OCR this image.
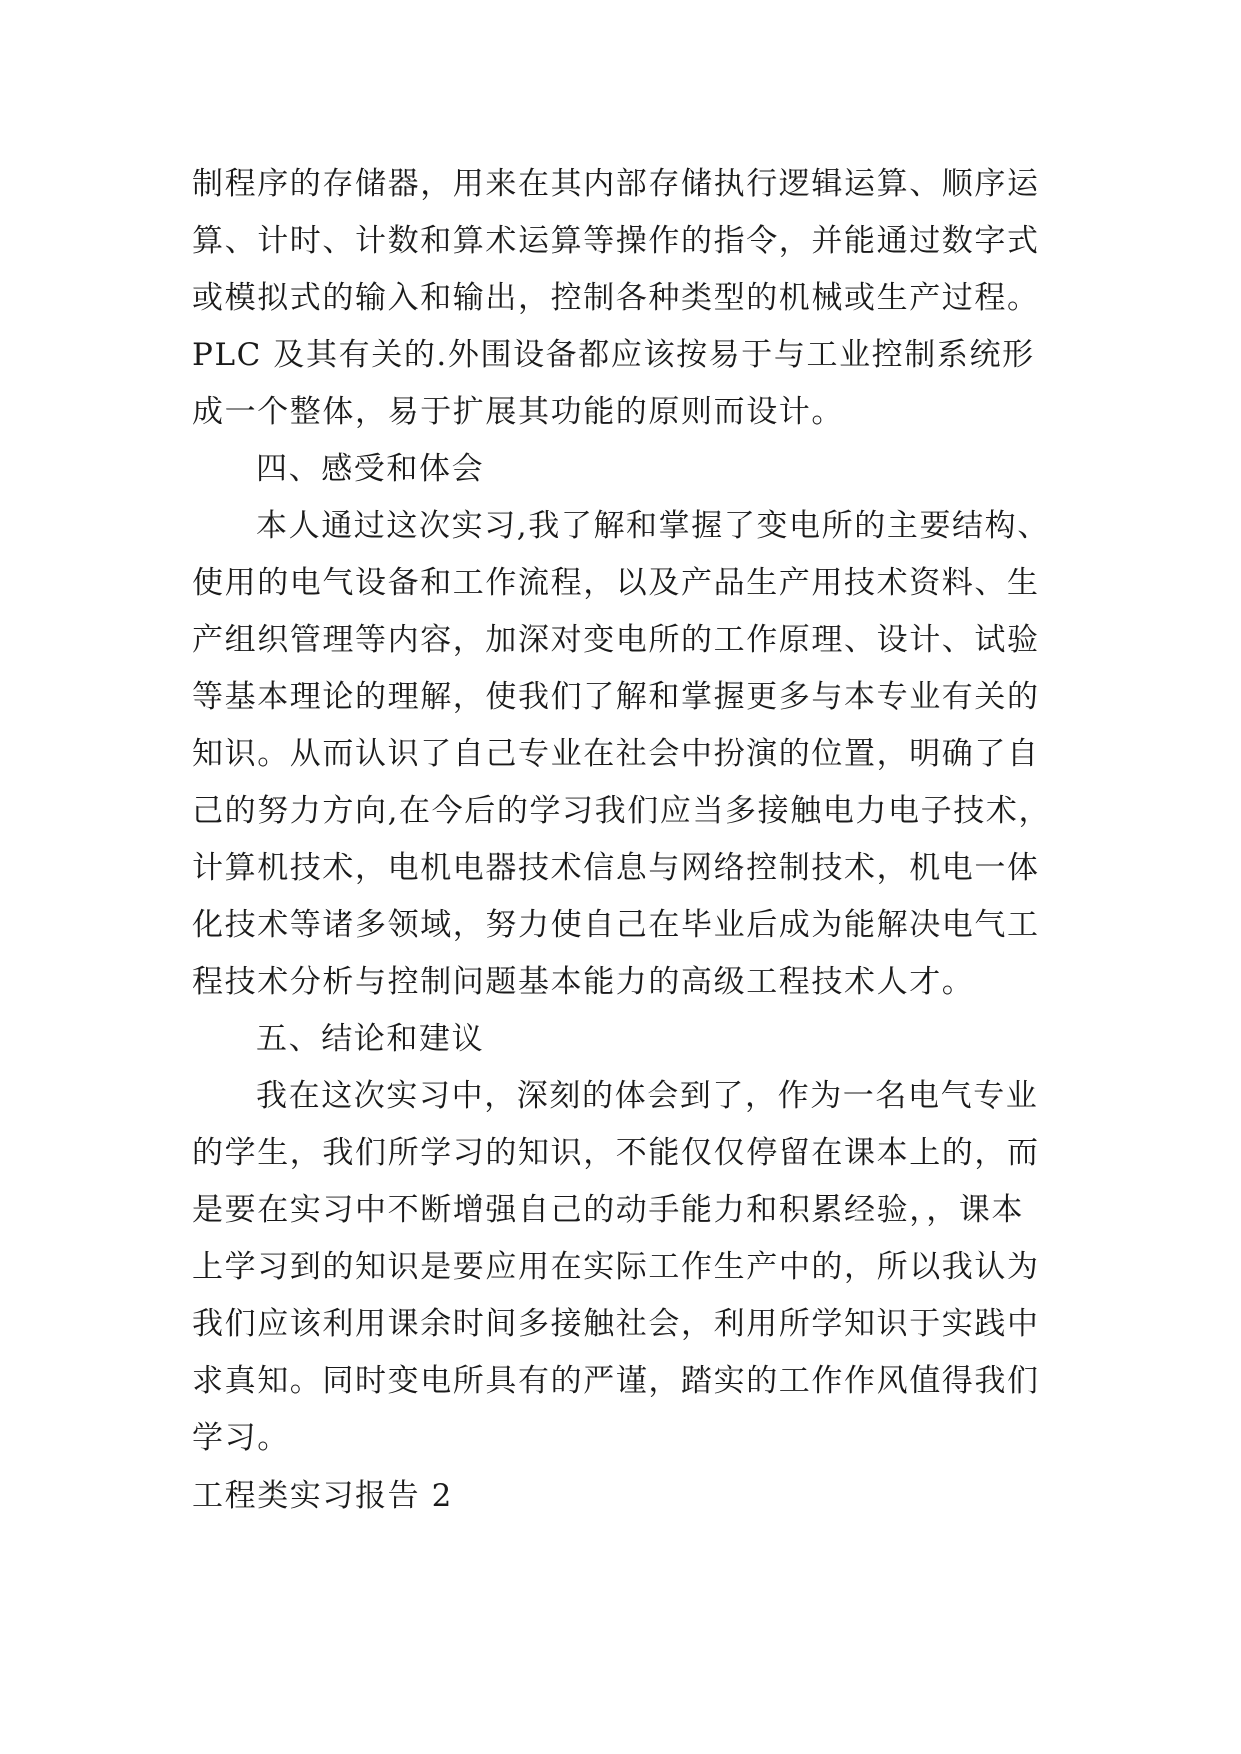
制程序的存储器，用来在其内部存储执行逻辑运算、顺序运
算、计时、计数和算术运算等操作的指令，并能通过数字式
或模拟式的输入和输出，控制各种类型的机械或生产过程。
PLC 及其有关的.外围设备都应该按易于与工业控制系统形
成一个整体，易于扩展其功能的原则而设计。
四、感受和体会
本人通过这次实习,我了解和掌握了变电所的主要结构、
使用的电气设备和工作流程，以及产品生产用技术资料、生
产组织管理等内容，加深对变电所的工作原理、设计、试验
等基本理论的理解，使我们了解和掌握更多与本专业有关的
知识。从而认识了自己专业在社会中扮演的位置，明确了自
己的努力方向,在今后的学习我们应当多接触电力电子技术，
计算机技术，电机电器技术信息与网络控制技术，机电一体
化技术等诸多领域，努力使自己在毕业后成为能解决电气工
程技术分析与控制问题基本能力的高级工程技术人才。
五、结论和建议
我在这次实习中，深刻的体会到了，作为一名电气专业
的学生，我们所学习的知识，不能仅仅停留在课本上的，而
是要在实习中不断增强自己的动手能力和积累经验，，课本
上学习到的知识是要应用在实际工作生产中的，所以我认为
我们应该利用课余时间多接触社会，利用所学知识于实践中
求真知。同时变电所具有的严谨，踏实的工作作风值得我们
学习。
工程类实习报告 2
